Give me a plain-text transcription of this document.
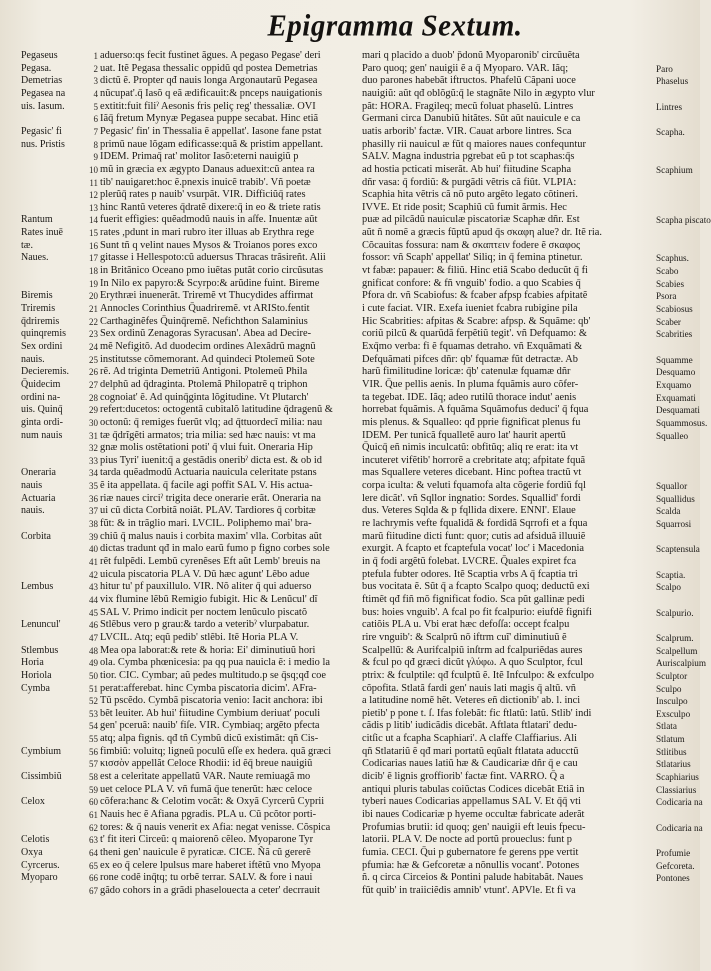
Epigramma Sextum.
Pegaseus
Pegasa.
Demetrias
Pegasea na
uis. Iasum.
Pegasic' fi
nus. Pristis
Rantum
Rates inuē
tæ.
Naues.
Biremis
Triremis
q̄driremis
quinqremis
Sex ordini
nauis.
Decieremis.
Q̄uidecim
ordini na-
uis. Quinq̄
ginta ordi-
num nauis
Oneraria
nauis
Actuaria
nauis.
Corbita
Lembus
Lenuncul'
Stlembus
Horia
Horiola
Cymba
Cymbium
Cissimbiũ
Celox
Celotis
Oxya
Cyrcerus.
Myoparo
1
2
3
4
5
6
7
8
9
10
11
12
13
14
15
16
17
18
19
20
21
22
23
24
25
26
27
28
29
30
31
32
33
34
35
36
37
38
39
40
41
42
43
44
45
46
47
48
49
50
51
52
53
54
55
56
57
58
59
60
61
62
63
64
65
66
67
aduerso:qs fecit fustinet ãgues. A pegaso Pegase' deri
uat. Itẽ Pegasa thessalic oppidũ qd postea Demetrias
dictũ ẽ. Propter qđ nauis longa Argonautarũ Pegasea
nũcupat'.q̄ Iasõ q eã ædificauit:& pnceps nauigationis
extitit:fuit filiˀ Aesonis fris peliç reg' thessaliæ. OVI
Iãq̄ fretum Mynyæ Pegasea puppe secabat. Hinc etiã
Pegasic' fin' in Thessalia ẽ appellat'. Iasone fane pstat
primũ naue lõgam edificasse:quã & pristim appellant.
IDEM. Primaq̄ rat' molitor Iasõ:eterni nauigiũ p
mũ in græcia ex ægypto Danaus aduexit:cũ antea ra
tib' nauigaret:hoc ẽ.pnexis inuicẽ trabib'. Vñ poetæ
plerũq̄ rates p nauib' vsurpãt. VIR. Difficiũq̄ rates
hinc Rantũ veteres q̄dratẽ dixere:q̄ in eo & triete ratis
fuerit effigies: quẽadmodũ nauis in aſfe. Inuentæ aũt
rates ,pdunt in mari rubro iter illuas ab Erythra rege
Sunt tñ q velint naues Mysos & Troianos pores exco
gitasse i Hellespoto:cũ aduersus Thracas trãsireñt. Alii
in Britãnico Oceano pmo iuẽtas putãt corio circũsutas
In Nilo ex papyro:& Scyrpo:& arũdine fuint. Bireme
Erythræi inuenerãt. Triremẽ vt Thucydides affirmat
Annocles Corinthius Q̄uadriremẽ. vt ARISto.fentit
Carthaginẽfes Q̄uinq̄remẽ. Nefichthon Salaminius
Sex ordinũ Zenagoras Syracusan'. Abea ad Decire-
mẽ Nefigitõ. Ad duodecim ordines Alexãdrũ magnũ
institutsse cõmemorant. Ad quindeci Ptolemeũ Sote
rẽ. Ad triginta Demetriũ Antigoni. Ptolemeũ Phila
delphũ ad q̄draginta. Ptolemã Philopatrẽ q triphon
cognoiat' ẽ. Ad quinq̄ginta lõgitudine. Vt Plutarch'
refert:ducetos: octogentã cubitalõ latitudine q̄dragenũ &
octonũ: q̄ remiges fuerũt vlq; ad q̄ttuordecĩ milia: nau
tæ q̄drĩgẽti armatos; tria milia: sed hæc nauis: vt ma
gnæ molis ostẽtationi poti' q̄ vlui fuit. Oneraria Hip
pius Tyri' iuenit:q̄ a gestãdis oneribˀ dicta est. & ob id
tarda quẽadmodũ Actuaria nauicula celeritate pstans
ẽ ita appellata. q̄ facile agi poffit SAL V. His actua-
riæ naues circiˀ trigita dece onerarie erãt. Oneraria na
ui cũ dicta Corbitã noiãt. PLAV. Tardiores q̄ corbitæ
fũt: & in trãglio mari. LVCIL. Poliphemo mai' bra-
chiũ q̄ malus nauis i corbita maxim' vlla. Corbitas aũt
dictas tradunt qđ in malo earũ fumo p figno corbes sole
rẽt fulpẽdi. Lembũ cyrenẽses Eft aũt Lemb' breuis na
uicula piscatoria PLA V. Dũ hæc agunt' Lẽbo adue
hitur tu' pf pauxillulo. VIR. Nõ aliter q̄ qui aduerso
vix flumine lẽbũ Remigio fubigit. Hic & Lenũcul' dĩ
SAL V. Primo indicit per noctem lenũculo piscatõ
Stlẽbus vero p grau:& tardo a veteribˀ vlurpabatur.
LVCIL. Atq; eqũ pedib' stlẽbi. Itẽ Horia PLA V.
Mea opa laborat:& rete & horia: Ei' diminutiuũ hori
ola. Cymba phœnicesia: pa qq pua nauicla ẽ: i medio la
tior. CIC. Cymbar; aũ pedes multitudo.p se q̄sq;qđ coe
perat:afferebat. hinc Cymba piscatoria dicim'. AFra-
Tũ pscẽdo. Cymbã piscatoria venio: Iacit anchora: ibi
bẽt leuiter. Ab hui' fiitudine Cymbium deriuat' poculi
gen' pceruã: nauib' fiſe. VIR. Cymbiaq; argẽto pfecta
atq; alpa fignis. qđ tñ Cymbũ dicũ existimãt: qñ Cis-
fimbiũ: voluitq; ligneũ poculũ eſſe ex hedera. quã græci
κισσὸν appellãt Celoce Rhodii: id ẽq̄ breue nauigiũ
est a celeritate appellatũ VAR. Naute remiuagã mo
uet celoce PLA V. vñ fumã q̄ue tenerũt: hæc celoce
cõfera:hanc & Celotim vocãt: & Oxyã Cyrcerũ Cyprii
Nauis hec ẽ Afiana pgradis. PLA u. Cũ pcõtor porti-
tores: & q̄ nauis venerit ex Afia: negat venisse. Cõspica
t' fit iteri Circeũ: q maiorenõ cẽleo. Myoparone Tyr
theni gen' nauicule ẽ pyraticæ. CICE. Ñã cũ gererẽ
ex eo q̄ celere lpulsus mare haberet iftẽtũ vno Myopa
rone codẽ inq̄tq; tu orbẽ terrar. SALV. & fore i naui
gãdo cohors in a grãdi phaselouecta a ceter' decrrauit
mari q placido a duob' p̄donũ Myoparonib' circũuẽta
Paro quoq; gen' nauigii ẽ a q̄ Myoparo. VAR. Iãq;
duo parones habebãt iftructos. Phafelũ Cãpani uoce
nauigiũ: aũt qđ oblõgũ:q̄ le stagnãte Nilo in ægypto vlur
pãt: HORA. Fragileq; mecũ foluat phaselũ. Lintres
Germani circa Danubiũ hitãtes. Sũt aũt nauicule e ca
uatis arborib' factæ. VIR. Cauat arbore lintres. Sca
phasilly rii nauicul æ fũt q maiores naues confequntur
SALV. Magna industria pgrebat eũ p tot scaphas:q̄s
ad hostia pcticati miserãt. Ab hui' fiitudine Scapha
dñr vasa: q̄ fordiũ: & purgãdi vẽtris cã fiũt. VLPIA:
Scaphia hita vẽtris cã nõ puto argẽto legato cõtineri.
IVVE. Et ride posit; Scaphiũ cũ fumit ãrmis. Hec
puæ ad pilcãdũ nauiculæ piscatoriæ Scaphæ dñr. Est
aũt ñ nomẽ a græcis fũptũ apud q̄s σκαφη alue? dr. Itẽ ria.
Cõcauitas fossura: nam & σκαπτειν fodere ẽ σκαφος
fossor: vñ Scaph' appellat' Siliq; in q̄ femina ptinetur.
vt fabæ: papauer: & filiũ. Hinc etiã Scabo deducũt q̄ fi
gnificat confore: & fñ vnguib' fodio. a quo Scabies q̄
Pfora dr. vñ Scabiofus: & fcaber afpsp fcabies afpitatẽ
i cute faciat. VIR. Exefa iueniet fcabra rubigine pila
Hic Scabrities: afpitas & Scabre: afpsp. & Squãme: qb'
coriũ pilcũ & quarũdã ferpẽtiũ tegit'. vñ Defquamo: &
Exq̄mo verba: fi ẽ fquamas detraho. vñ Exquãmati &
Defquãmati pifces dñr: qb' fquamæ fũt detractæ. Ab
harũ fimilitudine loricæ: q̄b' catenulæ fquamæ dñr
VIR. Q̄ue pellis aenis. In pluma fquãmis auro cõfer-
ta tegebat. IDE. Iãq; adeo rutilũ thorace indut' aenis
horrebat fquãmis. A fquãma Squãmofus deduci' q̄ fqua
mis plenus. & Squalleo: qđ pprie fignificat plenus fu
IDEM. Per tunicã fqualletẽ auro lat' haurit apertũ
Q̄uicq̄ eñ nimis inculcatũ: obfitũq; aliq re erat: ita vt
incuteret vifẽtib' horrorẽ a crebritate atq; afpitate fquã
mas Squallere veteres dicebant. Hinc poftea tractũ vt
corpa iculta: & veluti fquamofa alta cõgerie fordiũ fql
lere dicãt'. vñ Sqllor ingnatio: Sordes. Squallid' fordi
dus. Veteres Sqlda & p fqllida dixere. ENNI'. Elaue
re lachrymis vefte fqualidã & fordidã Sqrrofi et a fqua
marũ fiitudine dicti funt: quor; cutis ad afsiduã illuuiẽ
exurgit. A fcapto et fcaptefula vocat' loc' i Macedonia
in q̄ fodi argẽtũ folebat. LVCRE. Q̄uales expiret fca
ptefula fubter odores. Itẽ Scaptia vrbs A q̄ fcaptia tri
bus vocitata ẽ. Sũt q̄ a fcapto Scalpo quoq; deductũ exi
ftimẽt qđ fiñ mõ fignificat fodio. Sca pũt gallinæ pedi
bus: hoies vnguib'. A fcal po fit fcalpurio: eiufdẽ fignifi
catiõis PLA u. Vbi erat hæc defoſſa: occept fcalpu
rire vnguib': & Scalprũ nõ iftrm cuĩ' diminutiuũ ẽ
Scalpellũ: & Aurifcalpiũ inſtrm ad fcalpuriẽdas aures
& fcul po qđ græci dicũt γλύφω. A quo Sculptor, fcul
ptrix: & fculptile: qđ fculptũ ẽ. Itẽ Infculpo: & exfculpo
cõpofita. Stlatã fardi gen' nauis lati magis q̄ altũ. vñ
a latitudine nomẽ hẽt. Veteres eñ dictionib' ab. l. inci
pietib' p pone t. ſ. Ifas folebãt: fic ftlatũ: latũ. Stlib' indi
cãdis p litib' iudicãdis dicebãt. Aftlata ftlatari' dedu-
citſic ut a fcapha Scaphiari'. A claffe Claffiarius. Ali
qñ Stlatariũ ẽ qđ mari portatũ eqũalt ftlatata aducctũ
Codicarias naues latiũ hæ & Caudicariæ dñr q̄ e cau
dicib' ẽ lignis groffiorib' factæ fint. VARRO. Q̄ a
antiqui pluris tabulas coiũctas Codices dicebãt Etiã in
tyberi naues Codicarias appellamus SAL V. Et q̄q̄ vti
ibi naues Codicariæ p hyeme occultæ fabricate aderãt
Profumias brutii: id quoq; gen' nauigii eft leuis fpecu-
latorii. PLA V. De nocte ad portũ proueclus: funt p
fumia. CECI. Q̄ui p gubernatore fe gerens ppe vertit
pfumia: hæ & Gefcoretæ a nõnullis vocant'. Potones
ñ. q circa Circeios & Pontini palude habitabãt. Naues
fũt quib' in traiiciẽdis amnib' vtunt'. APVle. Et fi va
Paro
Phaselus
Lintres
Scapha.
Scaphium
Scapha piscato
Scaphus.
Scabo
Scabies
Psora
Scabiosus
Scaber
Scabrities
Squamme
Desquamo
Exquamo
Exquamati
Desquamati
Squammosus.
Squalleo
Squallor
Squallidus
Scalda
Squarrosi
Scaptensula
Scaptia.
Scalpo
Scalpurio.
Scalprum.
Scalpellum
Auriscalpium
Sculptor
Sculpo
Insculpo
Exsculpo
Stlata
Stlatum
Stlitibus
Stlatarius
Scaphiarius
Classiarius
Codicaria na
Codicaria na
Profumie
Gefcoreta.
Pontones
